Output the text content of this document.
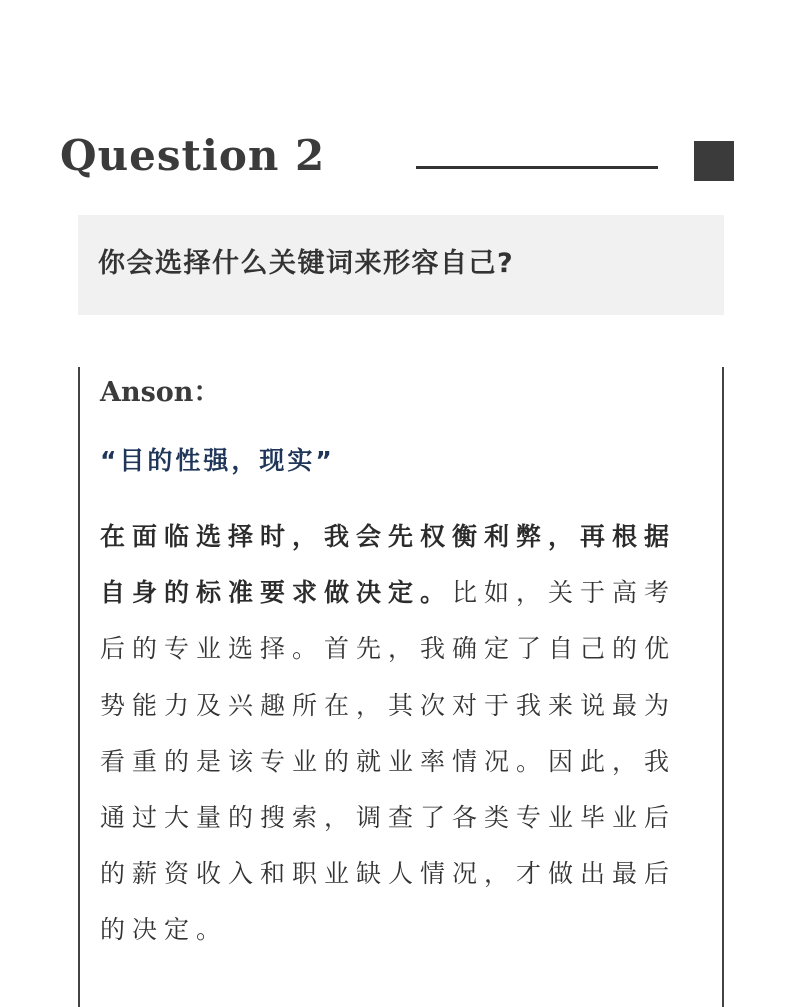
Question 2
你会选择什么关键词来形容自己?
Anson：
“目的性强，现实”
在面临选择时，我会先权衡利弊，再根据
自身的标准要求做决定。比如，关于高考
后的专业选择。首先，我确定了自己的优
势能力及兴趣所在，其次对于我来说最为
看重的是该专业的就业率情况。因此，我
通过大量的搜索，调查了各类专业毕业后
的薪资收入和职业缺人情况，才做出最后
的决定。
